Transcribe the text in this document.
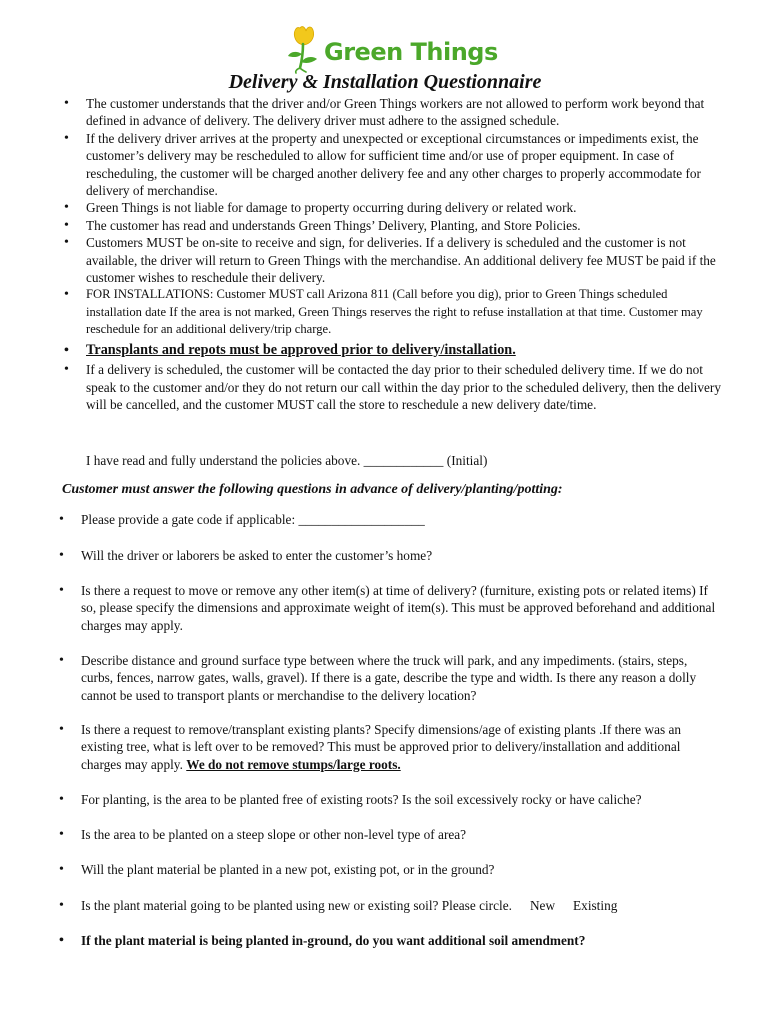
Green Things
Delivery & Installation Questionnaire
• The customer understands that the driver and/or Green Things workers are not allowed to perform work beyond that defined in advance of delivery. The delivery driver must adhere to the assigned schedule.
• If the delivery driver arrives at the property and unexpected or exceptional circumstances or impediments exist, the customer’s delivery may be rescheduled to allow for sufficient time and/or use of proper equipment. In case of rescheduling, the customer will be charged another delivery fee and any other charges to properly accommodate for delivery of merchandise.
• Green Things is not liable for damage to property occurring during delivery or related work.
• The customer has read and understands Green Things’ Delivery, Planting, and Store Policies.
• Customers MUST be on-site to receive and sign, for deliveries. If a delivery is scheduled and the customer is not available, the driver will return to Green Things with the merchandise. An additional delivery fee MUST be paid if the customer wishes to reschedule their delivery.
• FOR INSTALLATIONS: Customer MUST call Arizona 811 (Call before you dig), prior to Green Things scheduled installation date If the area is not marked, Green Things reserves the right to refuse installation at that time. Customer may reschedule for an additional delivery/trip charge.
• Transplants and repots must be approved prior to delivery/installation.
• If a delivery is scheduled, the customer will be contacted the day prior to their scheduled delivery time. If we do not speak to the customer and/or they do not return our call within the day prior to the scheduled delivery, then the delivery will be cancelled, and the customer MUST call the store to reschedule a new delivery date/time.
I have read and fully understand the policies above. ____________ (Initial)
Customer must answer the following questions in advance of delivery/planting/potting:
• Please provide a gate code if applicable: ___________________
• Will the driver or laborers be asked to enter the customer’s home?
• Is there a request to move or remove any other item(s) at time of delivery? (furniture, existing pots or related items) If so, please specify the dimensions and approximate weight of item(s). This must be approved beforehand and additional charges may apply.
• Describe distance and ground surface type between where the truck will park, and any impediments. (stairs, steps, curbs, fences, narrow gates, walls, gravel). If there is a gate, describe the type and width. Is there any reason a dolly cannot be used to transport plants or merchandise to the delivery location?
• Is there a request to remove/transplant existing plants? Specify dimensions/age of existing plants .If there was an existing tree, what is left over to be removed? This must be approved prior to delivery/installation and additional charges may apply. We do not remove stumps/large roots.
• For planting, is the area to be planted free of existing roots? Is the soil excessively rocky or have caliche?
• Is the area to be planted on a steep slope or other non-level type of area?
• Will the plant material be planted in a new pot, existing pot, or in the ground?
• Is the plant material going to be planted using new or existing soil? Please circle. New Existing
• If the plant material is being planted in-ground, do you want additional soil amendment?
